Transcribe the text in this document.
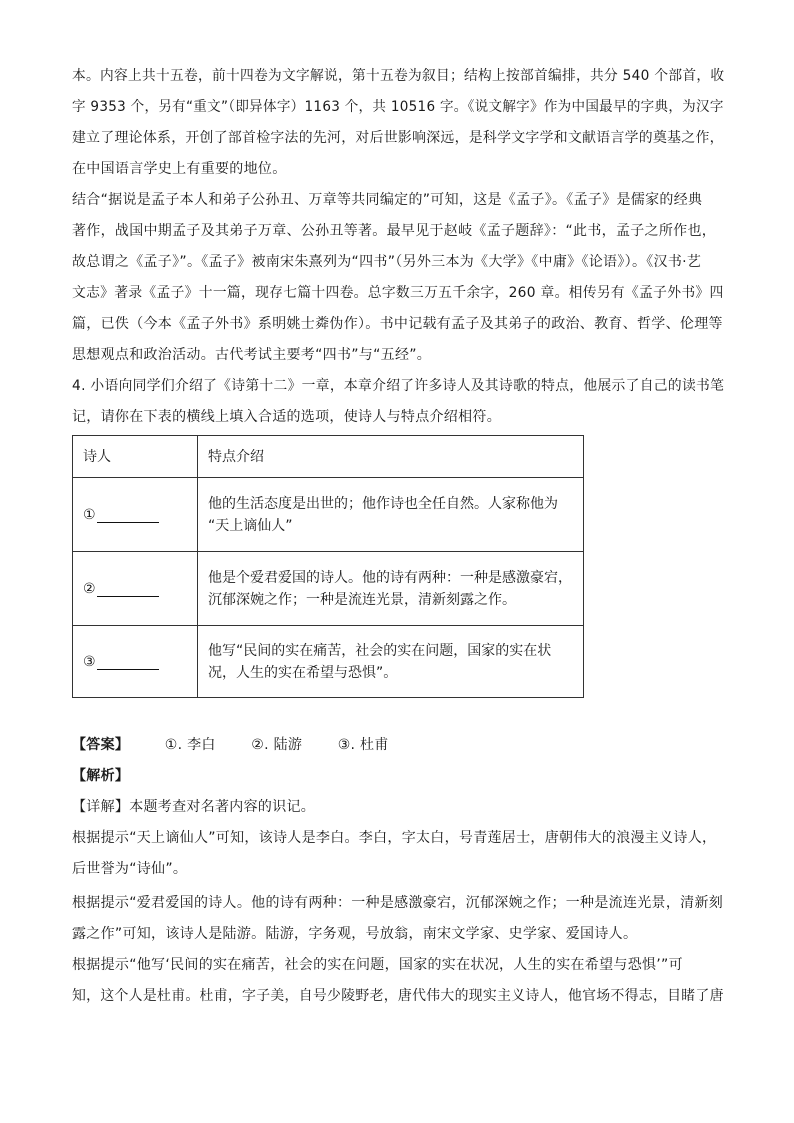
本。内容上共十五卷，前十四卷为文字解说，第十五卷为叙目；结构上按部首编排，共分 540 个部首，收
字 9353 个，另有“重文”（即异体字）1163 个，共 10516 字。《说文解字》作为中国最早的字典，为汉字
建立了理论体系，开创了部首检字法的先河，对后世影响深远，是科学文字学和文献语言学的奠基之作，
在中国语言学史上有重要的地位。
结合“据说是孟子本人和弟子公孙丑、万章等共同编定的”可知，这是《孟子》。《孟子》是儒家的经典
著作，战国中期孟子及其弟子万章、公孙丑等著。最早见于赵岐《孟子题辞》：“此书，孟子之所作也，
故总谓之《孟子》”。《孟子》被南宋朱熹列为“四书”（另外三本为《大学》《中庸》《论语》）。《汉书·艺
文志》著录《孟子》十一篇，现存七篇十四卷。总字数三万五千余字，260 章。相传另有《孟子外书》四
篇，已佚（今本《孟子外书》系明姚士粦伪作）。书中记载有孟子及其弟子的政治、教育、哲学、伦理等
思想观点和政治活动。古代考试主要考“四书”与“五经”。
4. 小语向同学们介绍了《诗第十二》一章，本章介绍了许多诗人及其诗歌的特点，他展示了自己的读书笔
记，请你在下表的横线上填入合适的选项，使诗人与特点介绍相符。
诗人	特点介绍
①	他的生活态度是出世的；他作诗也全任自然。人家称他为
“天上谪仙人”

②	他是个爱君爱国的诗人。他的诗有两种：一种是感激豪宕，
沉郁深婉之作；一种是流连光景，清新刻露之作。

③	他写“民间的实在痛苦，社会的实在问题，国家的实在状
况，人生的实在希望与恐惧”。
【答案】	①. 李白	②. 陆游	③. 杜甫
【解析】
【详解】本题考查对名著内容的识记。
根据提示“天上谪仙人”可知，该诗人是李白。李白，字太白，号青莲居士，唐朝伟大的浪漫主义诗人，
后世誉为“诗仙”。
根据提示“爱君爱国的诗人。他的诗有两种：一种是感激豪宕，沉郁深婉之作；一种是流连光景，清新刻
露之作”可知，该诗人是陆游。陆游，字务观，号放翁，南宋文学家、史学家、爱国诗人。
根据提示“他写‘民间的实在痛苦，社会的实在问题，国家的实在状况，人生的实在希望与恐惧’”可
知，这个人是杜甫。杜甫，字子美，自号少陵野老，唐代伟大的现实主义诗人，他官场不得志，目睹了唐
